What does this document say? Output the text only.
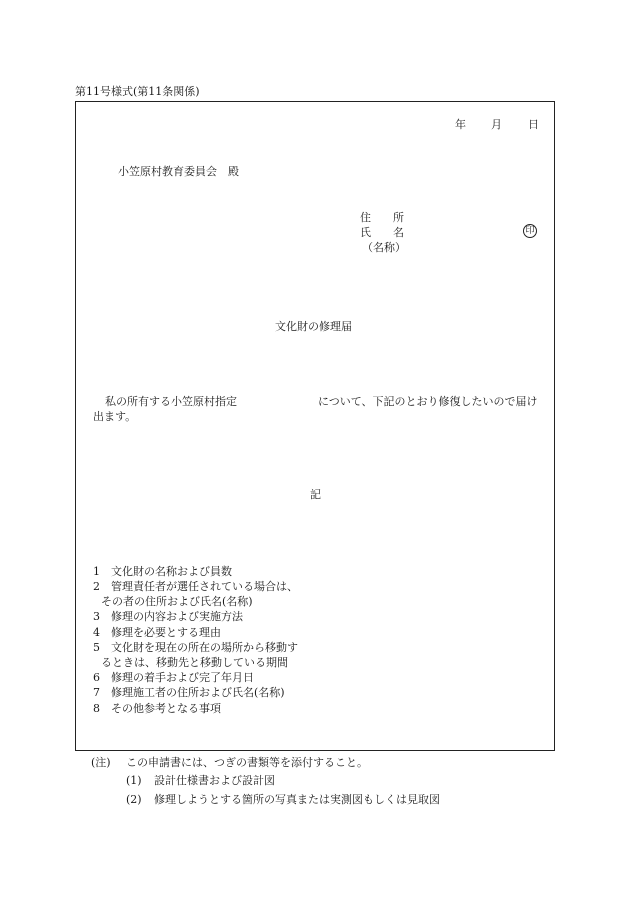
第11号様式(第11条関係)
年 月 日
小笠原村教育委員会　殿
住　　所
氏　　名
（名称）
印
文化財の修理届
私の所有する小笠原村指定	について、下記のとおり修復したいので届け
出ます。
記
1　文化財の名称および員数
2　管理責任者が選任されている場合は、
その者の住所および氏名(名称)
3　修理の内容および実施方法
4　修理を必要とする理由
5　文化財を現在の所在の場所から移動す
るときは、移動先と移動している期間
6　修理の着手および完了年月日
7　修理施工者の住所および氏名(名称)
8　その他参考となる事項
(注) この申請書には、つぎの書類等を添付すること。
(1) 設計仕様書および設計図
(2) 修理しようとする箇所の写真または実測図もしくは見取図
